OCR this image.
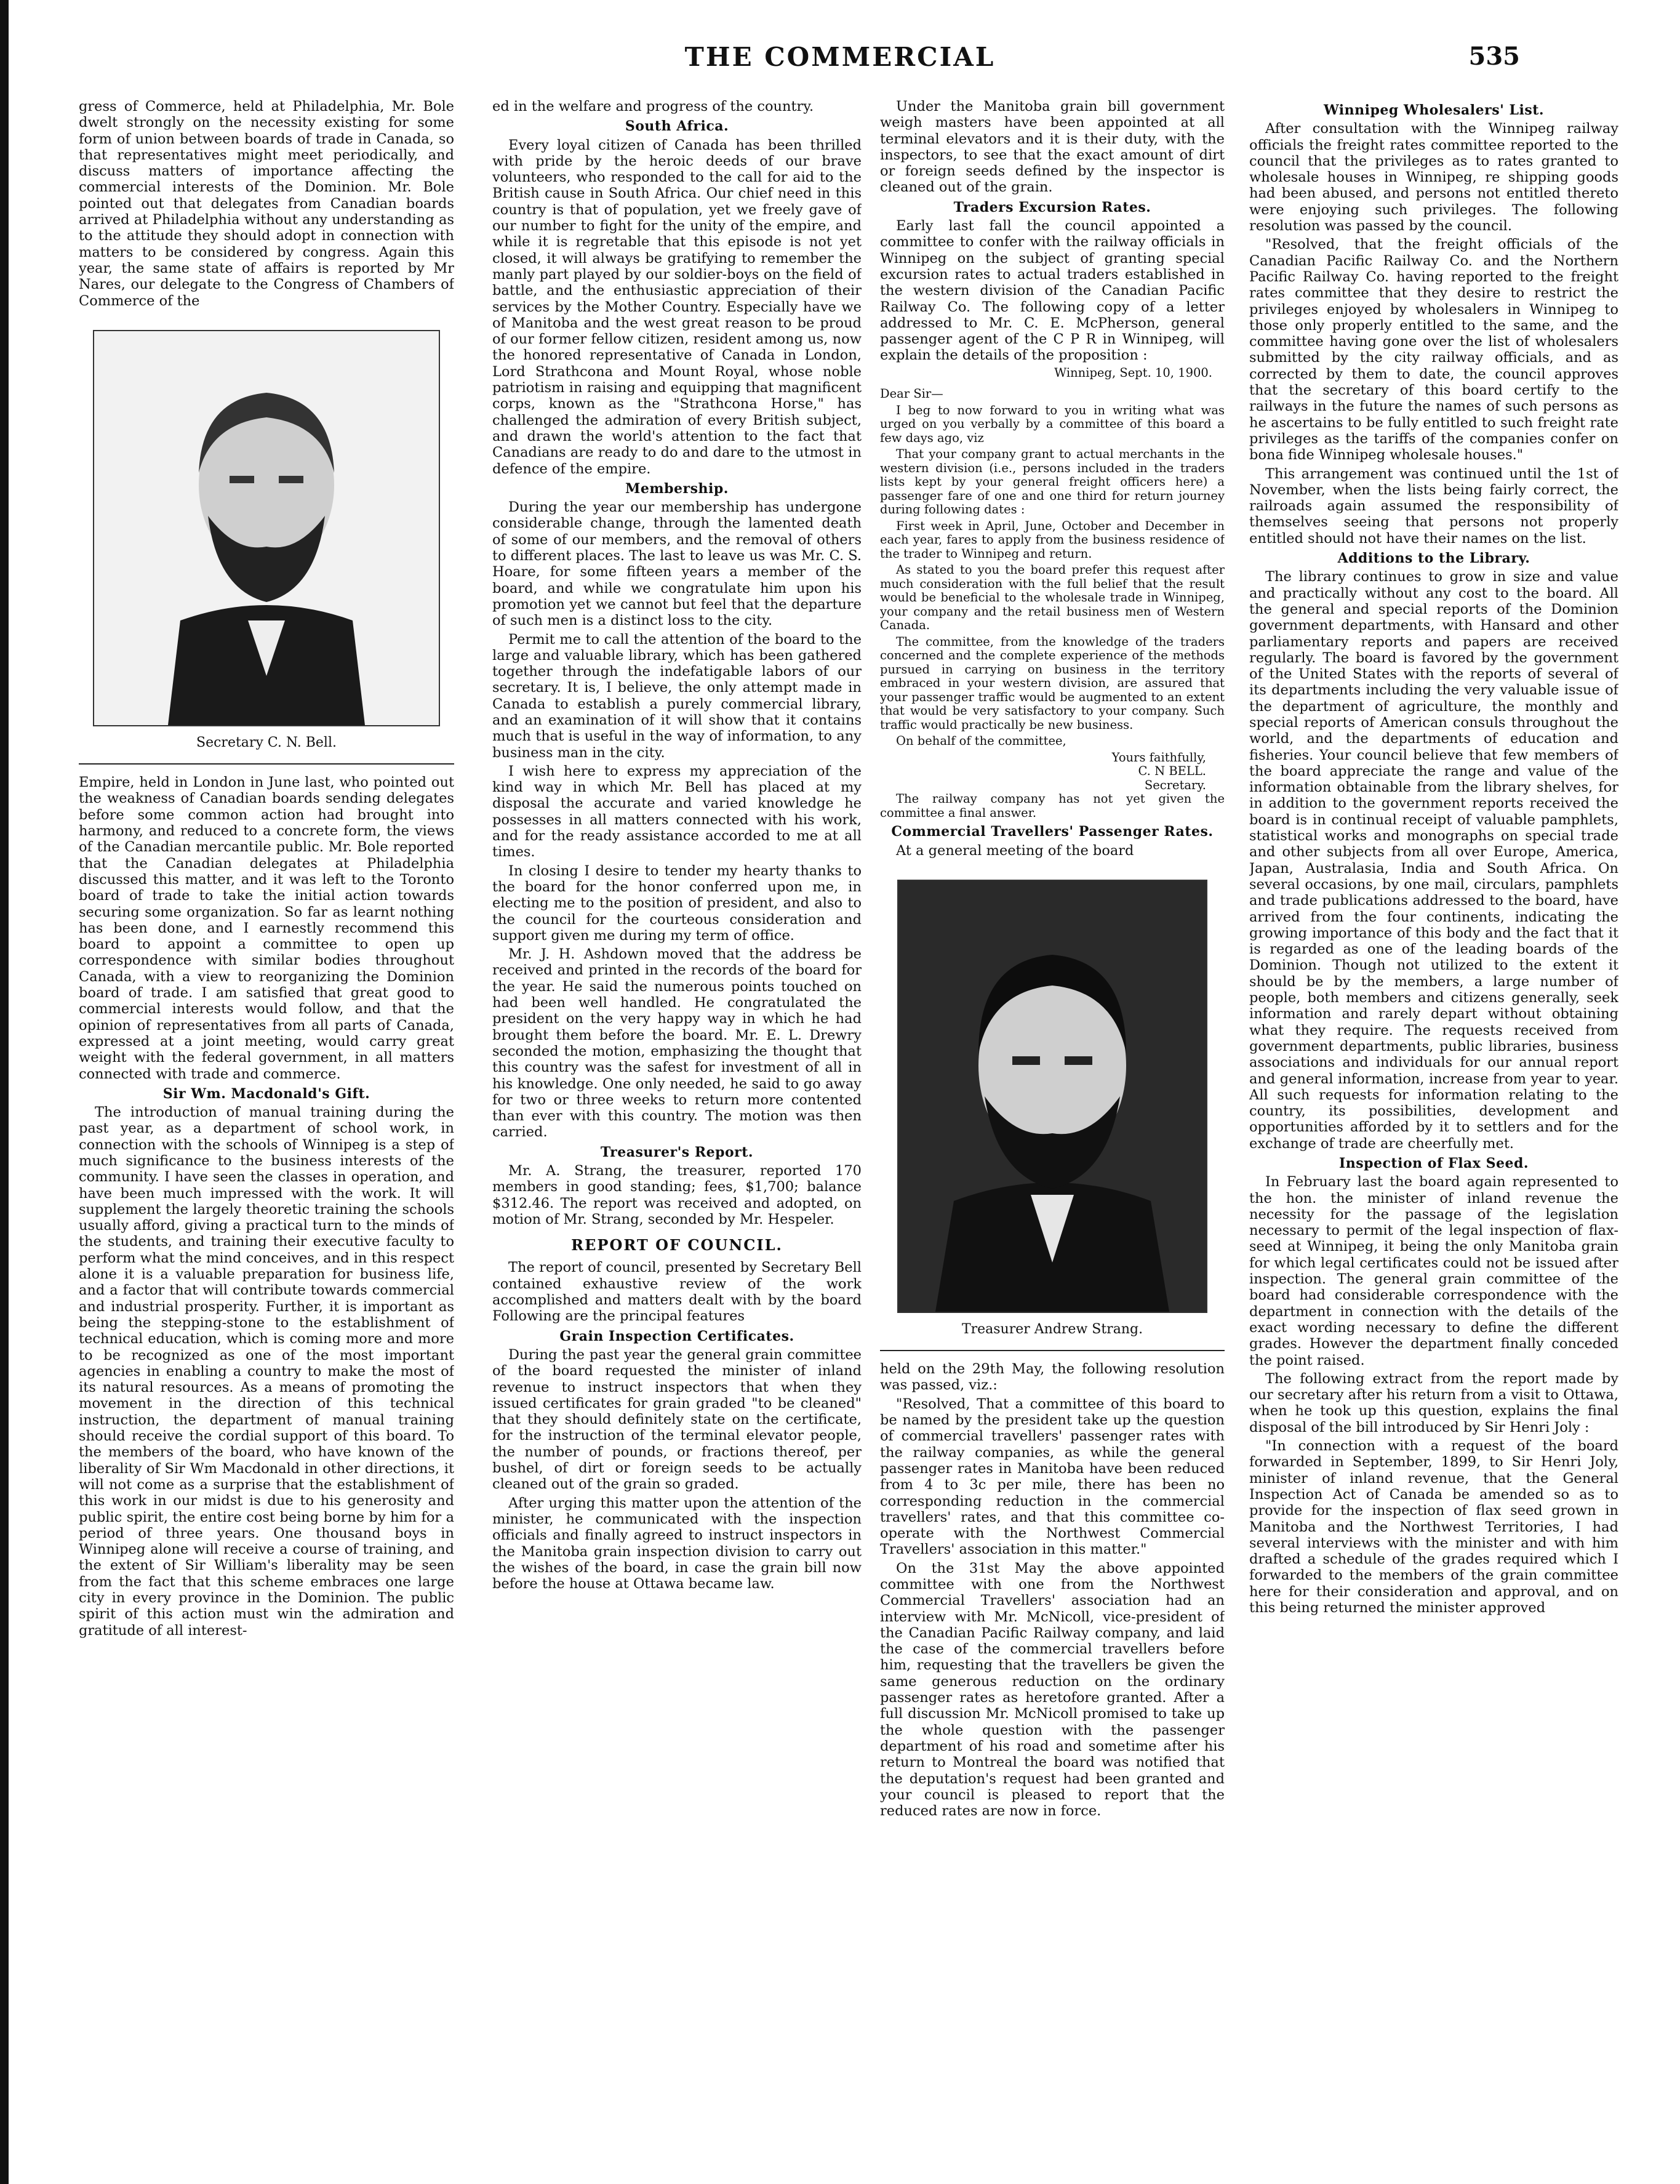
THE COMMERCIAL	535

gress of Commerce, held at Philadelphia, Mr. Bole dwelt strongly on the necessity existing for some form of union between boards of trade in Canada, so that representatives might meet periodically, and discuss matters of importance affecting the commercial interests of the Dominion. Mr. Bole pointed out that delegates from Canadian boards arrived at Philadelphia without any understanding as to the attitude they should adopt in connection with matters to be considered by congress. Again this year, the same state of affairs is reported by Mr Nares, our delegate to the Congress of Chambers of Commerce of the

Secretary C. N. Bell.

Empire, held in London in June last, who pointed out the weakness of Canadian boards sending delegates before some common action had brought into harmony, and reduced to a concrete form, the views of the Canadian mercantile public. Mr. Bole reported that the Canadian delegates at Philadelphia discussed this matter, and it was left to the Toronto board of trade to take the initial action towards securing some organization. So far as learnt nothing has been done, and I earnestly recommend this board to appoint a committee to open up correspondence with similar bodies throughout Canada, with a view to reorganizing the Dominion board of trade. I am satisfied that great good to commercial interests would follow, and that the opinion of representatives from all parts of Canada, expressed at a joint meeting, would carry great weight with the federal government, in all matters connected with trade and commerce.

Sir Wm. Macdonald's Gift.

The introduction of manual training during the past year, as a department of school work, in connection with the schools of Winnipeg is a step of much significance to the business interests of the community. I have seen the classes in operation, and have been much impressed with the work. It will supplement the largely theoretic training the schools usually afford, giving a practical turn to the minds of the students, and training their executive faculty to perform what the mind conceives, and in this respect alone it is a valuable preparation for business life, and a factor that will contribute towards commercial and industrial prosperity. Further, it is important as being the stepping-stone to the establishment of technical education, which is coming more and more to be recognized as one of the most important agencies in enabling a country to make the most of its natural resources. As a means of promoting the movement in the direction of this technical instruction, the department of manual training should receive the cordial support of this board. To the members of the board, who have known of the liberality of Sir Wm Macdonald in other directions, it will not come as a surprise that the establishment of this work in our midst is due to his generosity and public spirit, the entire cost being borne by him for a period of three years. One thousand boys in Winnipeg alone will receive a course of training, and the extent of Sir William's liberality may be seen from the fact that this scheme embraces one large city in every province in the Dominion. The public spirit of this action must win the admiration and gratitude of all interest-

ed in the welfare and progress of the country.

South Africa.

Every loyal citizen of Canada has been thrilled with pride by the heroic deeds of our brave volunteers, who responded to the call for aid to the British cause in South Africa. Our chief need in this country is that of population, yet we freely gave of our number to fight for the unity of the empire, and while it is regretable that this episode is not yet closed, it will always be gratifying to remember the manly part played by our soldier-boys on the field of battle, and the enthusiastic appreciation of their services by the Mother Country. Especially have we of Manitoba and the west great reason to be proud of our former fellow citizen, resident among us, now the honored representative of Canada in London, Lord Strathcona and Mount Royal, whose noble patriotism in raising and equipping that magnificent corps, known as the "Strathcona Horse," has challenged the admiration of every British subject, and drawn the world's attention to the fact that Canadians are ready to do and dare to the utmost in defence of the empire.

Membership.

During the year our membership has undergone considerable change, through the lamented death of some of our members, and the removal of others to different places. The last to leave us was Mr. C. S. Hoare, for some fifteen years a member of the board, and while we congratulate him upon his promotion yet we cannot but feel that the departure of such men is a distinct loss to the city.

Permit me to call the attention of the board to the large and valuable library, which has been gathered together through the indefatigable labors of our secretary. It is, I believe, the only attempt made in Canada to establish a purely commercial library, and an examination of it will show that it contains much that is useful in the way of information, to any business man in the city.

I wish here to express my appreciation of the kind way in which Mr. Bell has placed at my disposal the accurate and varied knowledge he possesses in all matters connected with his work, and for the ready assistance accorded to me at all times.

In closing I desire to tender my hearty thanks to the board for the honor conferred upon me, in electing me to the position of president, and also to the council for the courteous consideration and support given me during my term of office.

Mr. J. H. Ashdown moved that the address be received and printed in the records of the board for the year. He said the numerous points touched on had been well handled. He congratulated the president on the very happy way in which he had brought them before the board. Mr. E. L. Drewry seconded the motion, emphasizing the thought that this country was the safest for investment of all in his knowledge. One only needed, he said to go away for two or three weeks to return more contented than ever with this country. The motion was then carried.

Treasurer's Report.

Mr. A. Strang, the treasurer, reported 170 members in good standing; fees, $1,700; balance $312.46. The report was received and adopted, on motion of Mr. Strang, seconded by Mr. Hespeler.

REPORT OF COUNCIL.

The report of council, presented by Secretary Bell contained exhaustive review of the work accomplished and matters dealt with by the board Following are the principal features

Grain Inspection Certificates.

During the past year the general grain committee of the board requested the minister of inland revenue to instruct inspectors that when they issued certificates for grain graded "to be cleaned" that they should definitely state on the certificate, for the instruction of the terminal elevator people, the number of pounds, or fractions thereof, per bushel, of dirt or foreign seeds to be actually cleaned out of the grain so graded.

After urging this matter upon the attention of the minister, he communicated with the inspection officials and finally agreed to instruct inspectors in the Manitoba grain inspection division to carry out the wishes of the board, in case the grain bill now before the house at Ottawa became law.

Under the Manitoba grain bill government weigh masters have been appointed at all terminal elevators and it is their duty, with the inspectors, to see that the exact amount of dirt or foreign seeds defined by the inspector is cleaned out of the grain.

Traders Excursion Rates.

Early last fall the council appointed a committee to confer with the railway officials in Winnipeg on the subject of granting special excursion rates to actual traders established in the western division of the Canadian Pacific Railway Co. The following copy of a letter addressed to Mr. C. E. McPherson, general passenger agent of the C P R in Winnipeg, will explain the details of the proposition :

Winnipeg, Sept. 10, 1900.

Dear Sir—

I beg to now forward to you in writing what was urged on you verbally by a committee of this board a few days ago, viz

That your company grant to actual merchants in the western division (i.e., persons included in the traders lists kept by your general freight officers here) a passenger fare of one and one third for return journey during following dates :

First week in April, June, October and December in each year, fares to apply from the business residence of the trader to Winnipeg and return.

As stated to you the board prefer this request after much consideration with the full belief that the result would be beneficial to the wholesale trade in Winnipeg, your company and the retail business men of Western Canada.

The committee, from the knowledge of the traders concerned and the complete experience of the methods pursued in carrying on business in the territory embraced in your western division, are assured that your passenger traffic would be augmented to an extent that would be very satisfactory to your company. Such traffic would practically be new business.

On behalf of the committee,

Yours faithfully,
C. N BELL.
Secretary.

The railway company has not yet given the committee a final answer.

Commercial Travellers' Passenger Rates.

At a general meeting of the board

Treasurer Andrew Strang.

held on the 29th May, the following resolution was passed, viz.:

"Resolved, That a committee of this board to be named by the president take up the question of commercial travellers' passenger rates with the railway companies, as while the general passenger rates in Manitoba have been reduced from 4 to 3c per mile, there has been no corresponding reduction in the commercial travellers' rates, and that this committee co-operate with the Northwest Commercial Travellers' association in this matter."

On the 31st May the above appointed committee with one from the Northwest Commercial Travellers' association had an interview with Mr. McNicoll, vice-president of the Canadian Pacific Railway company, and laid the case of the commercial travellers before him, requesting that the travellers be given the same generous reduction on the ordinary passenger rates as heretofore granted. After a full discussion Mr. McNicoll promised to take up the whole question with the passenger department of his road and sometime after his return to Montreal the board was notified that the deputation's request had been granted and your council is pleased to report that the reduced rates are now in force.

Winnipeg Wholesalers' List.

After consultation with the Winnipeg railway officials the freight rates committee reported to the council that the privileges as to rates granted to wholesale houses in Winnipeg, re shipping goods had been abused, and persons not entitled thereto were enjoying such privileges. The following resolution was passed by the council.

"Resolved, that the freight officials of the Canadian Pacific Railway Co. and the Northern Pacific Railway Co. having reported to the freight rates committee that they desire to restrict the privileges enjoyed by wholesalers in Winnipeg to those only properly entitled to the same, and the committee having gone over the list of wholesalers submitted by the city railway officials, and as corrected by them to date, the council approves that the secretary of this board certify to the railways in the future the names of such persons as he ascertains to be fully entitled to such freight rate privileges as the tariffs of the companies confer on bona fide Winnipeg wholesale houses."

This arrangement was continued until the 1st of November, when the lists being fairly correct, the railroads again assumed the responsibility of themselves seeing that persons not properly entitled should not have their names on the list.

Additions to the Library.

The library continues to grow in size and value and practically without any cost to the board. All the general and special reports of the Dominion government departments, with Hansard and other parliamentary reports and papers are received regularly. The board is favored by the government of the United States with the reports of several of its departments including the very valuable issue of the department of agriculture, the monthly and special reports of American consuls throughout the world, and the departments of education and fisheries. Your council believe that few members of the board appreciate the range and value of the information obtainable from the library shelves, for in addition to the government reports received the board is in continual receipt of valuable pamphlets, statistical works and monographs on special trade and other subjects from all over Europe, America, Japan, Australasia, India and South Africa. On several occasions, by one mail, circulars, pamphlets and trade publications addressed to the board, have arrived from the four continents, indicating the growing importance of this body and the fact that it is regarded as one of the leading boards of the Dominion. Though not utilized to the extent it should be by the members, a large number of people, both members and citizens generally, seek information and rarely depart without obtaining what they require. The requests received from government departments, public libraries, business associations and individuals for our annual report and general information, increase from year to year. All such requests for information relating to the country, its possibilities, development and opportunities afforded by it to settlers and for the exchange of trade are cheerfully met.

Inspection of Flax Seed.

In February last the board again represented to the hon. the minister of inland revenue the necessity for the passage of the legislation necessary to permit of the legal inspection of flax-seed at Winnipeg, it being the only Manitoba grain for which legal certificates could not be issued after inspection. The general grain committee of the board had considerable correspondence with the department in connection with the details of the exact wording necessary to define the different grades. However the department finally conceded the point raised.

The following extract from the report made by our secretary after his return from a visit to Ottawa, when he took up this question, explains the final disposal of the bill introduced by Sir Henri Joly :

"In connection with a request of the board forwarded in September, 1899, to Sir Henri Joly, minister of inland revenue, that the General Inspection Act of Canada be amended so as to provide for the inspection of flax seed grown in Manitoba and the Northwest Territories, I had several interviews with the minister and with him drafted a schedule of the grades required which I forwarded to the members of the grain committee here for their consideration and approval, and on this being returned the minister approved
